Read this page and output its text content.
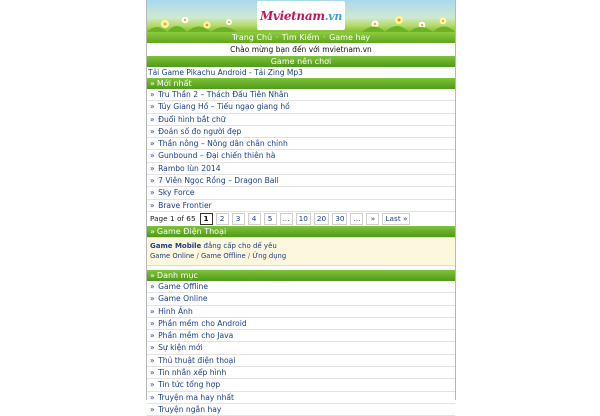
Mvietnam.vn
Trang Chủ · Tìm Kiếm · Game hay
Chào mừng bạn đến với mvietnam.vn
Game nên chơi
Tải Game Pikachu Android - Tải Zing Mp3
» Mới nhất
» Tru Thần 2 – Thách Đấu Tiên Nhân
» Túy Giang Hồ – Tiếu ngạo giang hồ
» Đuổi hình bắt chữ
» Đoán số đo người đẹp
» Thần nông – Nông dân chân chính
» Gunbound – Đại chiến thiên hà
» Rambo lùn 2014
» 7 Viên Ngọc Rồng – Dragon Ball
» Sky Force
» Brave Frontier
Page 1 of 65	1	2	3	4	5	...	10	20	30	...	»	Last »
» Game Điện Thoại
Game Mobile đẳng cấp cho dế yêu
Game Online / Game Offline / Ứng dụng
» Danh mục
» Game Offline
» Game Online
» Hình Ảnh
» Phần mềm cho Android
» Phần mềm cho Java
» Sự kiện mới
» Thủ thuật điện thoại
» Tin nhắn xếp hình
» Tin tức tổng hợp
» Truyện ma hay nhất
» Truyện ngắn hay
